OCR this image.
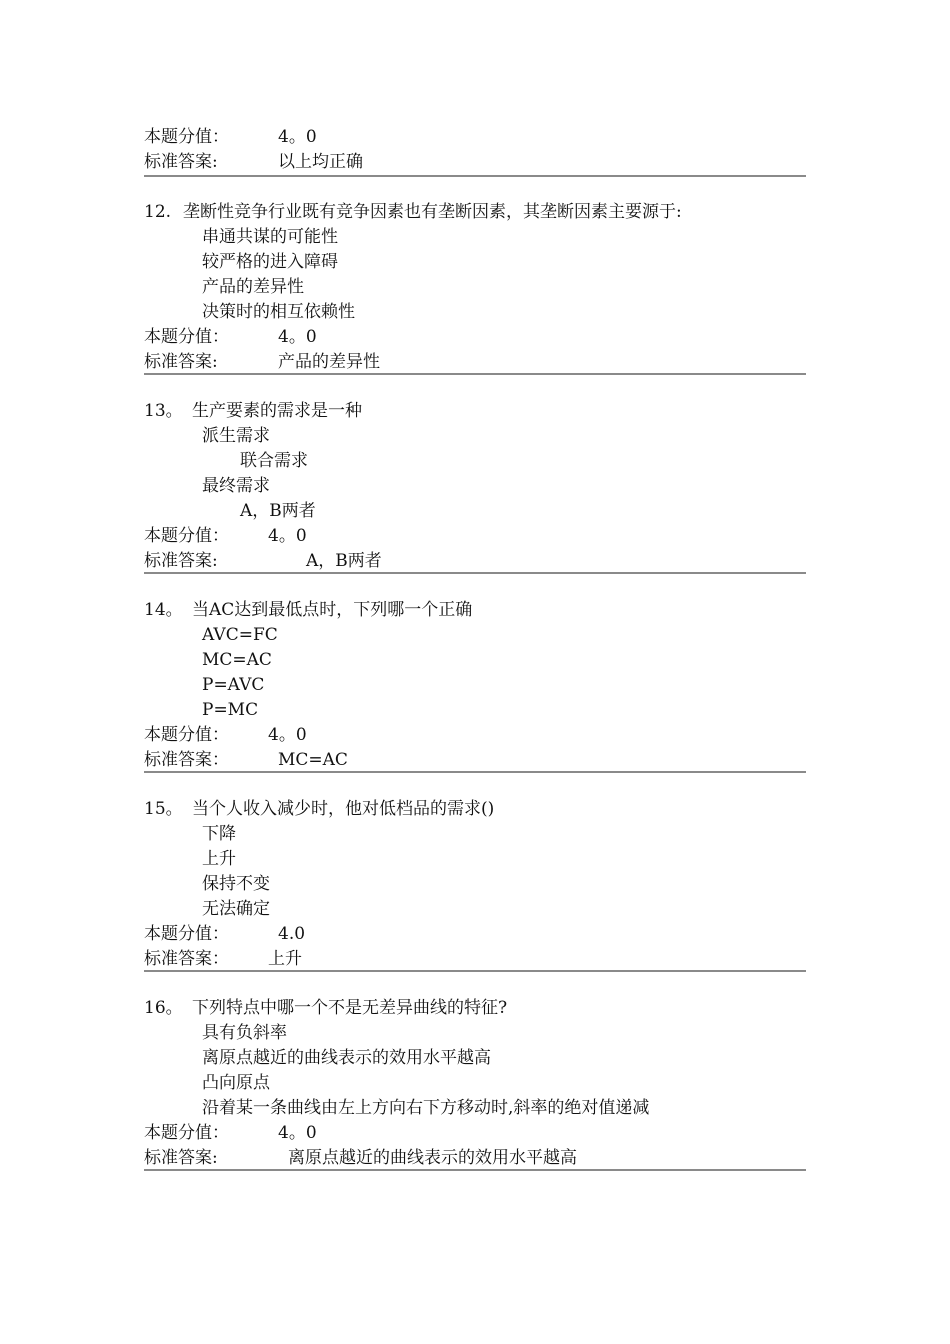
本题分值：	4。0
标准答案:	以上均正确
12. 垄断性竞争行业既有竞争因素也有垄断因素，其垄断因素主要源于:
串通共谋的可能性
较严格的进入障碍
产品的差异性
决策时的相互依赖性
本题分值：	4。0
标准答案:	产品的差异性
13。 生产要素的需求是一种
派生需求
联合需求
最终需求
A，B两者
本题分值： 4。0
标准答案:	A，B两者
14。 当AC达到最低点时，下列哪一个正确
AVC=FC
MC=AC
P=AVC
P=MC
本题分值： 4。0
标准答案：	MC=AC
15。 当个人收入减少时，他对低档品的需求()
下降
上升
保持不变
无法确定
本题分值：	4.0
标准答案： 上升
16。 下列特点中哪一个不是无差异曲线的特征?
具有负斜率
离原点越近的曲线表示的效用水平越高
凸向原点
沿着某一条曲线由左上方向右下方移动时,斜率的绝对值递减
本题分值：	4。0
标准答案:	离原点越近的曲线表示的效用水平越高
